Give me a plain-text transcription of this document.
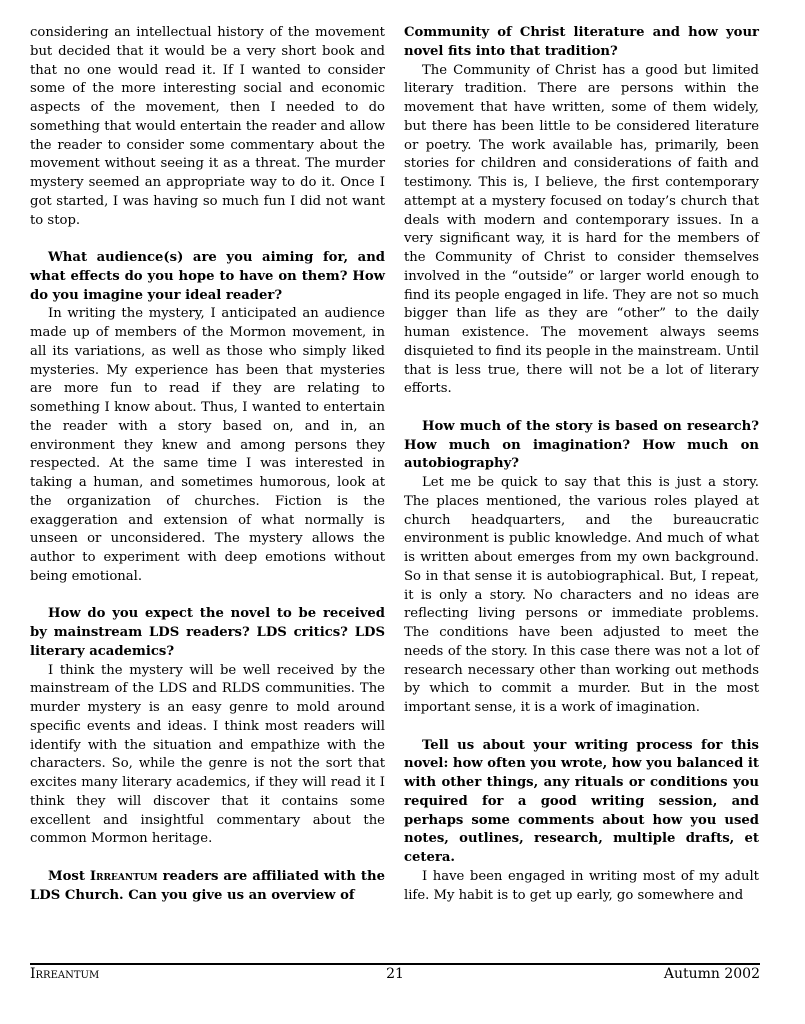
considering an intellectual history of the movement but decided that it would be a very short book and that no one would read it. If I wanted to consider some of the more interesting social and economic aspects of the movement, then I needed to do something that would entertain the reader and allow the reader to consider some commentary about the movement without seeing it as a threat. The murder mystery seemed an appropriate way to do it. Once I got started, I was having so much fun I did not want to stop.

What audience(s) are you aiming for, and what effects do you hope to have on them? How do you imagine your ideal reader?

In writing the mystery, I anticipated an audience made up of members of the Mormon movement, in all its variations, as well as those who simply liked mysteries. My experience has been that mysteries are more fun to read if they are relating to something I know about. Thus, I wanted to entertain the reader with a story based on, and in, an environment they knew and among persons they respected. At the same time I was interested in taking a human, and sometimes humorous, look at the organization of churches. Fiction is the exaggeration and extension of what normally is unseen or unconsidered. The mystery allows the author to experiment with deep emotions without being emotional.

How do you expect the novel to be received by mainstream LDS readers? LDS critics? LDS literary academics?

I think the mystery will be well received by the mainstream of the LDS and RLDS communities. The murder mystery is an easy genre to mold around specific events and ideas. I think most readers will identify with the situation and empathize with the characters. So, while the genre is not the sort that excites many literary academics, if they will read it I think they will discover that it contains some excellent and insightful commentary about the common Mormon heritage.

Most Irreantum readers are affiliated with the LDS Church. Can you give us an overview of
Community of Christ literature and how your novel fits into that tradition?

The Community of Christ has a good but limited literary tradition. There are persons within the movement that have written, some of them widely, but there has been little to be considered literature or poetry. The work available has, primarily, been stories for children and considerations of faith and testimony. This is, I believe, the first contemporary attempt at a mystery focused on today’s church that deals with modern and contemporary issues. In a very significant way, it is hard for the members of the Community of Christ to consider themselves involved in the “outside” or larger world enough to find its people engaged in life. They are not so much bigger than life as they are “other” to the daily human existence. The movement always seems disquieted to find its people in the mainstream. Until that is less true, there will not be a lot of literary efforts.

How much of the story is based on research? How much on imagination? How much on autobiography?

Let me be quick to say that this is just a story. The places mentioned, the various roles played at church headquarters, and the bureaucratic environment is public knowledge. And much of what is written about emerges from my own background. So in that sense it is autobiographical. But, I repeat, it is only a story. No characters and no ideas are reflecting living persons or immediate problems. The conditions have been adjusted to meet the needs of the story. In this case there was not a lot of research necessary other than working out methods by which to commit a murder. But in the most important sense, it is a work of imagination.

Tell us about your writing process for this novel: how often you wrote, how you balanced it with other things, any rituals or conditions you required for a good writing session, and perhaps some comments about how you used notes, outlines, research, multiple drafts, et cetera.

I have been engaged in writing most of my adult life. My habit is to get up early, go somewhere and

Irreantum	21	Autumn 2002
